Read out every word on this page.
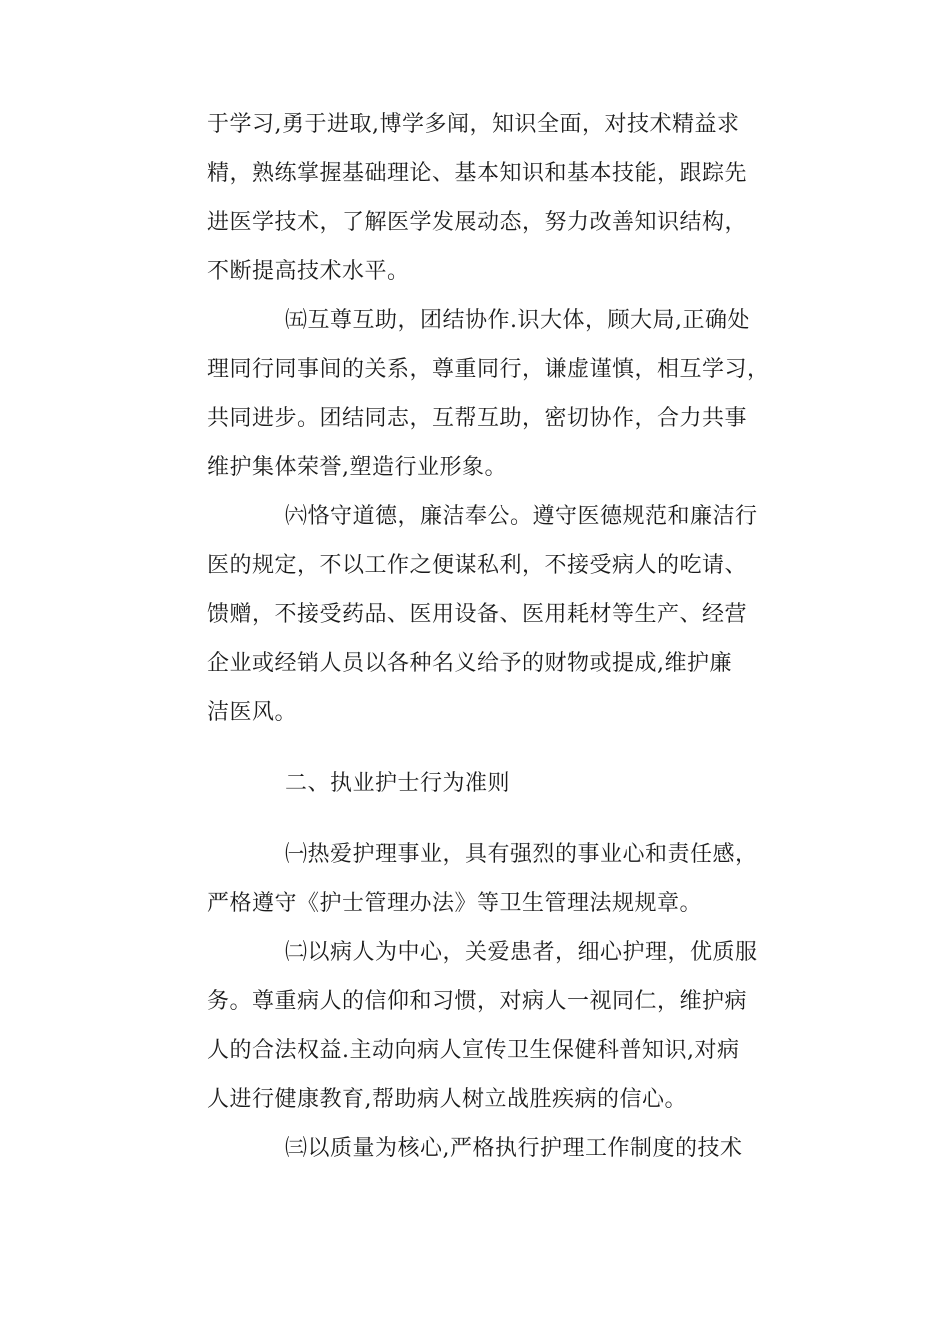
于学习,勇于进取,博学多闻，知识全面，对技术精益求
精，熟练掌握基础理论、基本知识和基本技能，跟踪先
进医学技术，了解医学发展动态，努力改善知识结构，
不断提高技术水平。
㈤互尊互助，团结协作.识大体，顾大局,正确处
理同行同事间的关系，尊重同行，谦虚谨慎，相互学习，
共同进步。团结同志，互帮互助，密切协作，合力共事
维护集体荣誉,塑造行业形象。
㈥恪守道德，廉洁奉公。遵守医德规范和廉洁行
医的规定，不以工作之便谋私利，不接受病人的吃请、
馈赠，不接受药品、医用设备、医用耗材等生产、经营
企业或经销人员以各种名义给予的财物或提成,维护廉
洁医风。
二、执业护士行为准则
㈠热爱护理事业，具有强烈的事业心和责任感，
严格遵守《护士管理办法》等卫生管理法规规章。
㈡以病人为中心，关爱患者，细心护理，优质服
务。尊重病人的信仰和习惯，对病人一视同仁，维护病
人的合法权益.主动向病人宣传卫生保健科普知识,对病
人进行健康教育,帮助病人树立战胜疾病的信心。
㈢以质量为核心,严格执行护理工作制度的技术
